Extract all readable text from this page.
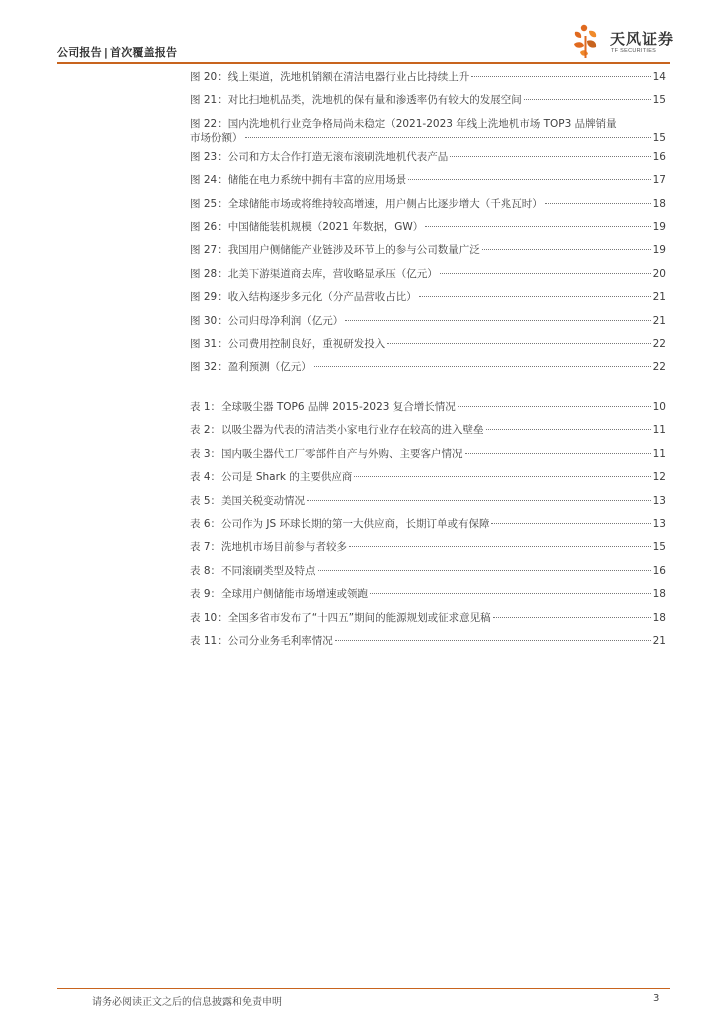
公司报告 | 首次覆盖报告
天风证券
TF SECURITIES
图 20：线上渠道，洗地机销额在清洁电器行业占比持续上升	14
图 21：对比扫地机品类，洗地机的保有量和渗透率仍有较大的发展空间	15
图 22：国内洗地机行业竞争格局尚未稳定（2021-2023 年线上洗地机市场 TOP3 品牌销量
市场份额）	15
图 23：公司和方太合作打造无滚布滚刷洗地机代表产品	16
图 24：储能在电力系统中拥有丰富的应用场景	17
图 25：全球储能市场或将维持较高增速，用户侧占比逐步增大（千兆瓦时）	18
图 26：中国储能装机规模（2021 年数据，GW）	19
图 27：我国用户侧储能产业链涉及环节上的参与公司数量广泛	19
图 28：北美下游渠道商去库，营收略显承压（亿元）	20
图 29：收入结构逐步多元化（分产品营收占比）	21
图 30：公司归母净利润（亿元）	21
图 31：公司费用控制良好，重视研发投入	22
图 32：盈利预测（亿元）	22
表 1：全球吸尘器 TOP6 品牌 2015-2023 复合增长情况	10
表 2：以吸尘器为代表的清洁类小家电行业存在较高的进入壁垒	11
表 3：国内吸尘器代工厂零部件自产与外购、主要客户情况	11
表 4：公司是 Shark 的主要供应商	12
表 5：美国关税变动情况	13
表 6：公司作为 JS 环球长期的第一大供应商，长期订单或有保障	13
表 7：洗地机市场目前参与者较多	15
表 8：不同滚刷类型及特点	16
表 9：全球用户侧储能市场增速或领跑	18
表 10：全国多省市发布了“十四五”期间的能源规划或征求意见稿	18
表 11：公司分业务毛利率情况	21
请务必阅读正文之后的信息披露和免责申明	3
